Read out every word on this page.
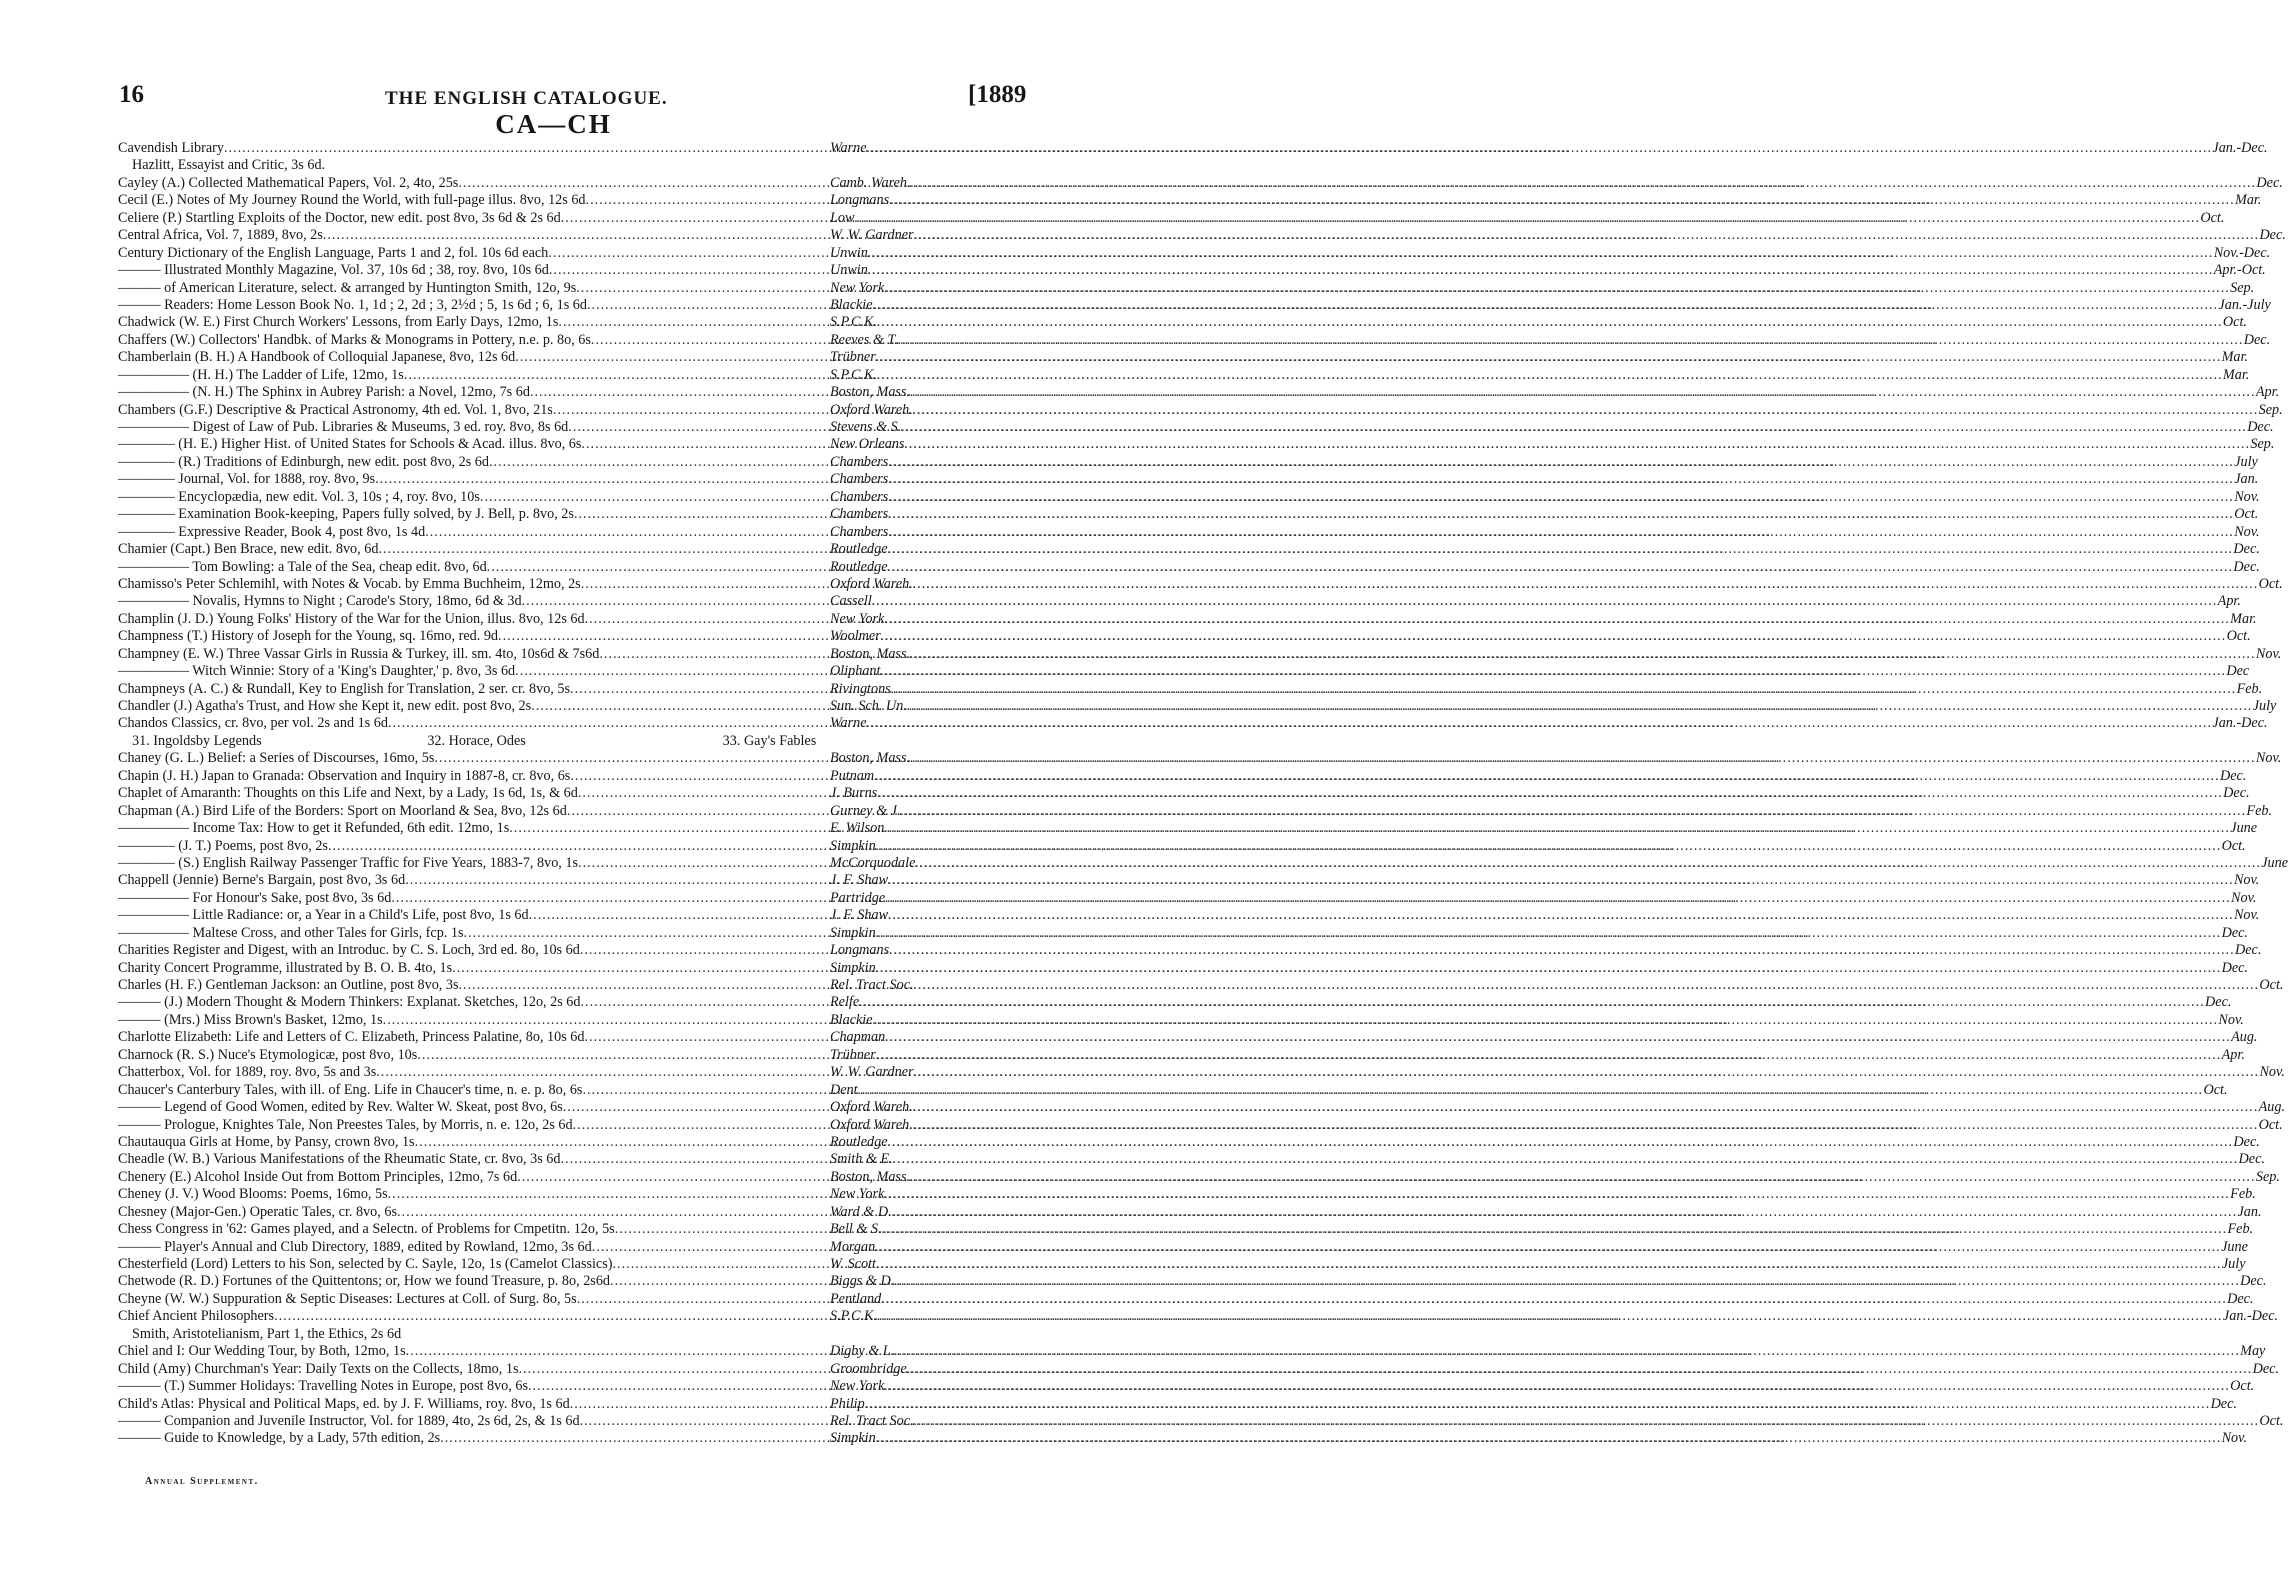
16	THE ENGLISH CATALOGUE.	[1889
CA—CH
Cavendish Library .....	Warne .....	Jan.-Dec.
Hazlitt, Essayist and Critic, 3s 6d.
Cayley (A.) Collected Mathematical Papers, Vol. 2, 4to, 25s .....	Camb. Wareh. .....	Dec.
Cecil (E.) Notes of My Journey Round the World, with full-page illus. 8vo, 12s 6d .....	Longmans .....	Mar.
Celiere (P.) Startling Exploits of the Doctor, new edit. post 8vo, 3s 6d & 2s 6d .....	Low .....	Oct.
Central Africa, Vol. 7, 1889, 8vo, 2s .....	W. W. Gardner .....	Dec.
Century Dictionary of the English Language, Parts 1 and 2, fol. 10s 6d each .....	Unwin .....	Nov.-Dec.
——— Illustrated Monthly Magazine, Vol. 37, 10s 6d ; 38, roy. 8vo, 10s 6d .....	Unwin .....	Apr.-Oct.
——— of American Literature, select. & arranged by Huntington Smith, 12o, 9s .....	New York .....	Sep.
——— Readers: Home Lesson Book No. 1, 1d ; 2, 2d ; 3, 2½d ; 5, 1s 6d ; 6, 1s 6d .....	Blackie .....	Jan.-July
Chadwick (W. E.) First Church Workers' Lessons, from Early Days, 12mo, 1s .....	S.P.C.K. .....	Oct.
Chaffers (W.) Collectors' Handbk. of Marks & Monograms in Pottery, n.e. p. 8o, 6s .....	Reeves & T. .....	Dec.
Chamberlain (B. H.) A Handbook of Colloquial Japanese, 8vo, 12s 6d .....	Trübner .....	Mar.
————— (H. H.) The Ladder of Life, 12mo, 1s .....	S.P.C.K. .....	Mar.
————— (N. H.) The Sphinx in Aubrey Parish: a Novel, 12mo, 7s 6d .....	Boston, Mass. .....	Apr.
Chambers (G.F.) Descriptive & Practical Astronomy, 4th ed. Vol. 1, 8vo, 21s .....	Oxford Wareh. .....	Sep.
————— Digest of Law of Pub. Libraries & Museums, 3 ed. roy. 8vo, 8s 6d .....	Stevens & S. .....	Dec.
———— (H. E.) Higher Hist. of United States for Schools & Acad. illus. 8vo, 6s .....	New Orleans .....	Sep.
———— (R.) Traditions of Edinburgh, new edit. post 8vo, 2s 6d .....	Chambers .....	July
———— Journal, Vol. for 1888, roy. 8vo, 9s .....	Chambers .....	Jan.
———— Encyclopædia, new edit. Vol. 3, 10s ; 4, roy. 8vo, 10s .....	Chambers .....	Nov.
———— Examination Book-keeping, Papers fully solved, by J. Bell, p. 8vo, 2s .....	Chambers .....	Oct.
———— Expressive Reader, Book 4, post 8vo, 1s 4d .....	Chambers .....	Nov.
Chamier (Capt.) Ben Brace, new edit. 8vo, 6d .....	Routledge .....	Dec.
————— Tom Bowling: a Tale of the Sea, cheap edit. 8vo, 6d .....	Routledge .....	Dec.
Chamisso's Peter Schlemihl, with Notes & Vocab. by Emma Buchheim, 12mo, 2s .....	Oxford Wareh. .....	Oct.
————— Novalis, Hymns to Night ; Carode's Story, 18mo, 6d & 3d .....	Cassell .....	Apr.
Champlin (J. D.) Young Folks' History of the War for the Union, illus. 8vo, 12s 6d .....	New York .....	Mar.
Champness (T.) History of Joseph for the Young, sq. 16mo, red. 9d .....	Woolmer .....	Oct.
Champney (E. W.) Three Vassar Girls in Russia & Turkey, ill. sm. 4to, 10s6d & 7s6d .....	Boston, Mass. .....	Nov.
————— Witch Winnie: Story of a 'King's Daughter,' p. 8vo, 3s 6d .....	Oliphant .....	Dec
Champneys (A. C.) & Rundall, Key to English for Translation, 2 ser. cr. 8vo, 5s .....	Rivingtons .....	Feb.
Chandler (J.) Agatha's Trust, and How she Kept it, new edit. post 8vo, 2s .....	Sun. Sch. Un. .....	July
Chandos Classics, cr. 8vo, per vol. 2s and 1s 6d .....	Warne .....	Jan.-Dec.
31. Ingoldsby Legends	32. Horace, Odes	33. Gay's Fables
Chaney (G. L.) Belief: a Series of Discourses, 16mo, 5s .....	Boston, Mass. .....	Nov.
Chapin (J. H.) Japan to Granada: Observation and Inquiry in 1887-8, cr. 8vo, 6s .....	Putnam .....	Dec.
Chaplet of Amaranth: Thoughts on this Life and Next, by a Lady, 1s 6d, 1s, & 6d .....	J. Burns .....	Dec.
Chapman (A.) Bird Life of the Borders: Sport on Moorland & Sea, 8vo, 12s 6d .....	Gurney & J. .....	Feb.
————— Income Tax: How to get it Refunded, 6th edit. 12mo, 1s .....	E. Wilson .....	June
———— (J. T.) Poems, post 8vo, 2s .....	Simpkin .....	Oct.
———— (S.) English Railway Passenger Traffic for Five Years, 1883-7, 8vo, 1s .....	McCorquodale .....	June
Chappell (Jennie) Berne's Bargain, post 8vo, 3s 6d .....	J. F. Shaw .....	Nov.
————— For Honour's Sake, post 8vo, 3s 6d .....	Partridge .....	Nov.
————— Little Radiance: or, a Year in a Child's Life, post 8vo, 1s 6d .....	J. F. Shaw .....	Nov.
————— Maltese Cross, and other Tales for Girls, fcp. 1s .....	Simpkin .....	Dec.
Charities Register and Digest, with an Introduc. by C. S. Loch, 3rd ed. 8o, 10s 6d .....	Longmans .....	Dec.
Charity Concert Programme, illustrated by B. O. B. 4to, 1s .....	Simpkin .....	Dec.
Charles (H. F.) Gentleman Jackson: an Outline, post 8vo, 3s .....	Rel. Tract Soc. .....	Oct.
——— (J.) Modern Thought & Modern Thinkers: Explanat. Sketches, 12o, 2s 6d .....	Relfe .....	Dec.
——— (Mrs.) Miss Brown's Basket, 12mo, 1s .....	Blackie .....	Nov.
Charlotte Elizabeth: Life and Letters of C. Elizabeth, Princess Palatine, 8o, 10s 6d .....	Chapman .....	Aug.
Charnock (R. S.) Nuce's Etymologicæ, post 8vo, 10s .....	Trübner .....	Apr.
Chatterbox, Vol. for 1889, roy. 8vo, 5s and 3s .....	W. W. Gardner .....	Nov.
Chaucer's Canterbury Tales, with ill. of Eng. Life in Chaucer's time, n. e. p. 8o, 6s .....	Dent .....	Oct.
——— Legend of Good Women, edited by Rev. Walter W. Skeat, post 8vo, 6s .....	Oxford Wareh. .....	Aug.
——— Prologue, Knightes Tale, Non Preestes Tales, by Morris, n. e. 12o, 2s 6d .....	Oxford Wareh. .....	Oct.
Chautauqua Girls at Home, by Pansy, crown 8vo, 1s .....	Routledge .....	Dec.
Cheadle (W. B.) Various Manifestations of the Rheumatic State, cr. 8vo, 3s 6d .....	Smith & E. .....	Dec.
Chenery (E.) Alcohol Inside Out from Bottom Principles, 12mo, 7s 6d .....	Boston, Mass. .....	Sep.
Cheney (J. V.) Wood Blooms: Poems, 16mo, 5s .....	New York .....	Feb.
Chesney (Major-Gen.) Operatic Tales, cr. 8vo, 6s .....	Ward & D. .....	Jan.
Chess Congress in '62: Games played, and a Selectn. of Problems for Cmpetitn. 12o, 5s .....	Bell & S. .....	Feb.
——— Player's Annual and Club Directory, 1889, edited by Rowland, 12mo, 3s 6d .....	Morgan .....	June
Chesterfield (Lord) Letters to his Son, selected by C. Sayle, 12o, 1s (Camelot Classics) .....	W. Scott .....	July
Chetwode (R. D.) Fortunes of the Quittentons; or, How we found Treasure, p. 8o, 2s6d .....	Biggs & D. .....	Dec.
Cheyne (W. W.) Suppuration & Septic Diseases: Lectures at Coll. of Surg. 8o, 5s .....	Pentland .....	Dec.
Chief Ancient Philosophers .....	S.P.C.K. .....	Jan.-Dec.
Smith, Aristotelianism, Part 1, the Ethics, 2s 6d
Chiel and I: Our Wedding Tour, by Both, 12mo, 1s .....	Digby & L. .....	May
Child (Amy) Churchman's Year: Daily Texts on the Collects, 18mo, 1s .....	Groombridge .....	Dec.
——— (T.) Summer Holidays: Travelling Notes in Europe, post 8vo, 6s .....	New York .....	Oct.
Child's Atlas: Physical and Political Maps, ed. by J. F. Williams, roy. 8vo, 1s 6d .....	Philip .....	Dec.
——— Companion and Juvenile Instructor, Vol. for 1889, 4to, 2s 6d, 2s, & 1s 6d .....	Rel. Tract Soc. .....	Oct.
——— Guide to Knowledge, by a Lady, 57th edition, 2s .....	Simpkin .....	Nov.
Annual Supplement.
